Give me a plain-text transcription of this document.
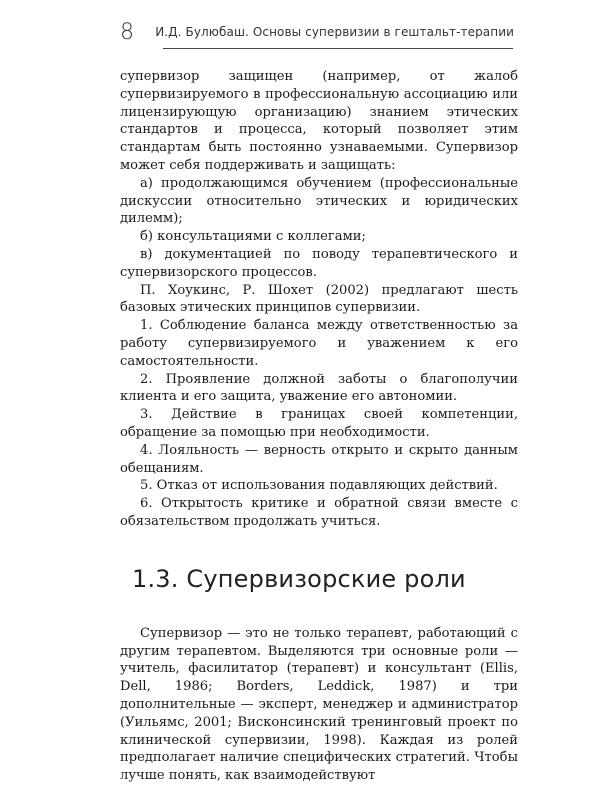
8 И.Д. Булюбаш. Основы супервизии в гештальт-терапии

супервизор защищен (например, от жалоб супервизируемого в профессиональную ассоциацию или лицензирующую организацию) знанием этических стандартов и процесса, который позволяет этим стандартам быть постоянно узнаваемыми. Супервизор может себя поддерживать и защищать:

а) продолжающимся обучением (профессиональные дискуссии относительно этических и юридических дилемм);

б) консультациями с коллегами;

в) документацией по поводу терапевтического и супервизорского процессов.

П. Хоукинс, Р. Шохет (2002) предлагают шесть базовых этических принципов супервизии.

1. Соблюдение баланса между ответственностью за работу супервизируемого и уважением к его самостоятельности.

2. Проявление должной заботы о благополучии клиента и его защита, уважение его автономии.

3. Действие в границах своей компетенции, обращение за помощью при необходимости.

4. Лояльность — верность открыто и скрыто данным обещаниям.

5. Отказ от использования подавляющих действий.

6. Открытость критике и обратной связи вместе с обязательством продолжать учиться.

1.3. Супервизорские роли

Супервизор — это не только терапевт, работающий с другим терапевтом. Выделяются три основные роли — учитель, фасилитатор (терапевт) и консультант (Ellis, Dell, 1986; Borders, Leddick, 1987) и три дополнительные — эксперт, менеджер и администратор (Уильямс, 2001; Висконсинский тренинговый проект по клинической супервизии, 1998). Каждая из ролей предполагает наличие специфических стратегий. Чтобы лучше понять, как взаимодействуют
